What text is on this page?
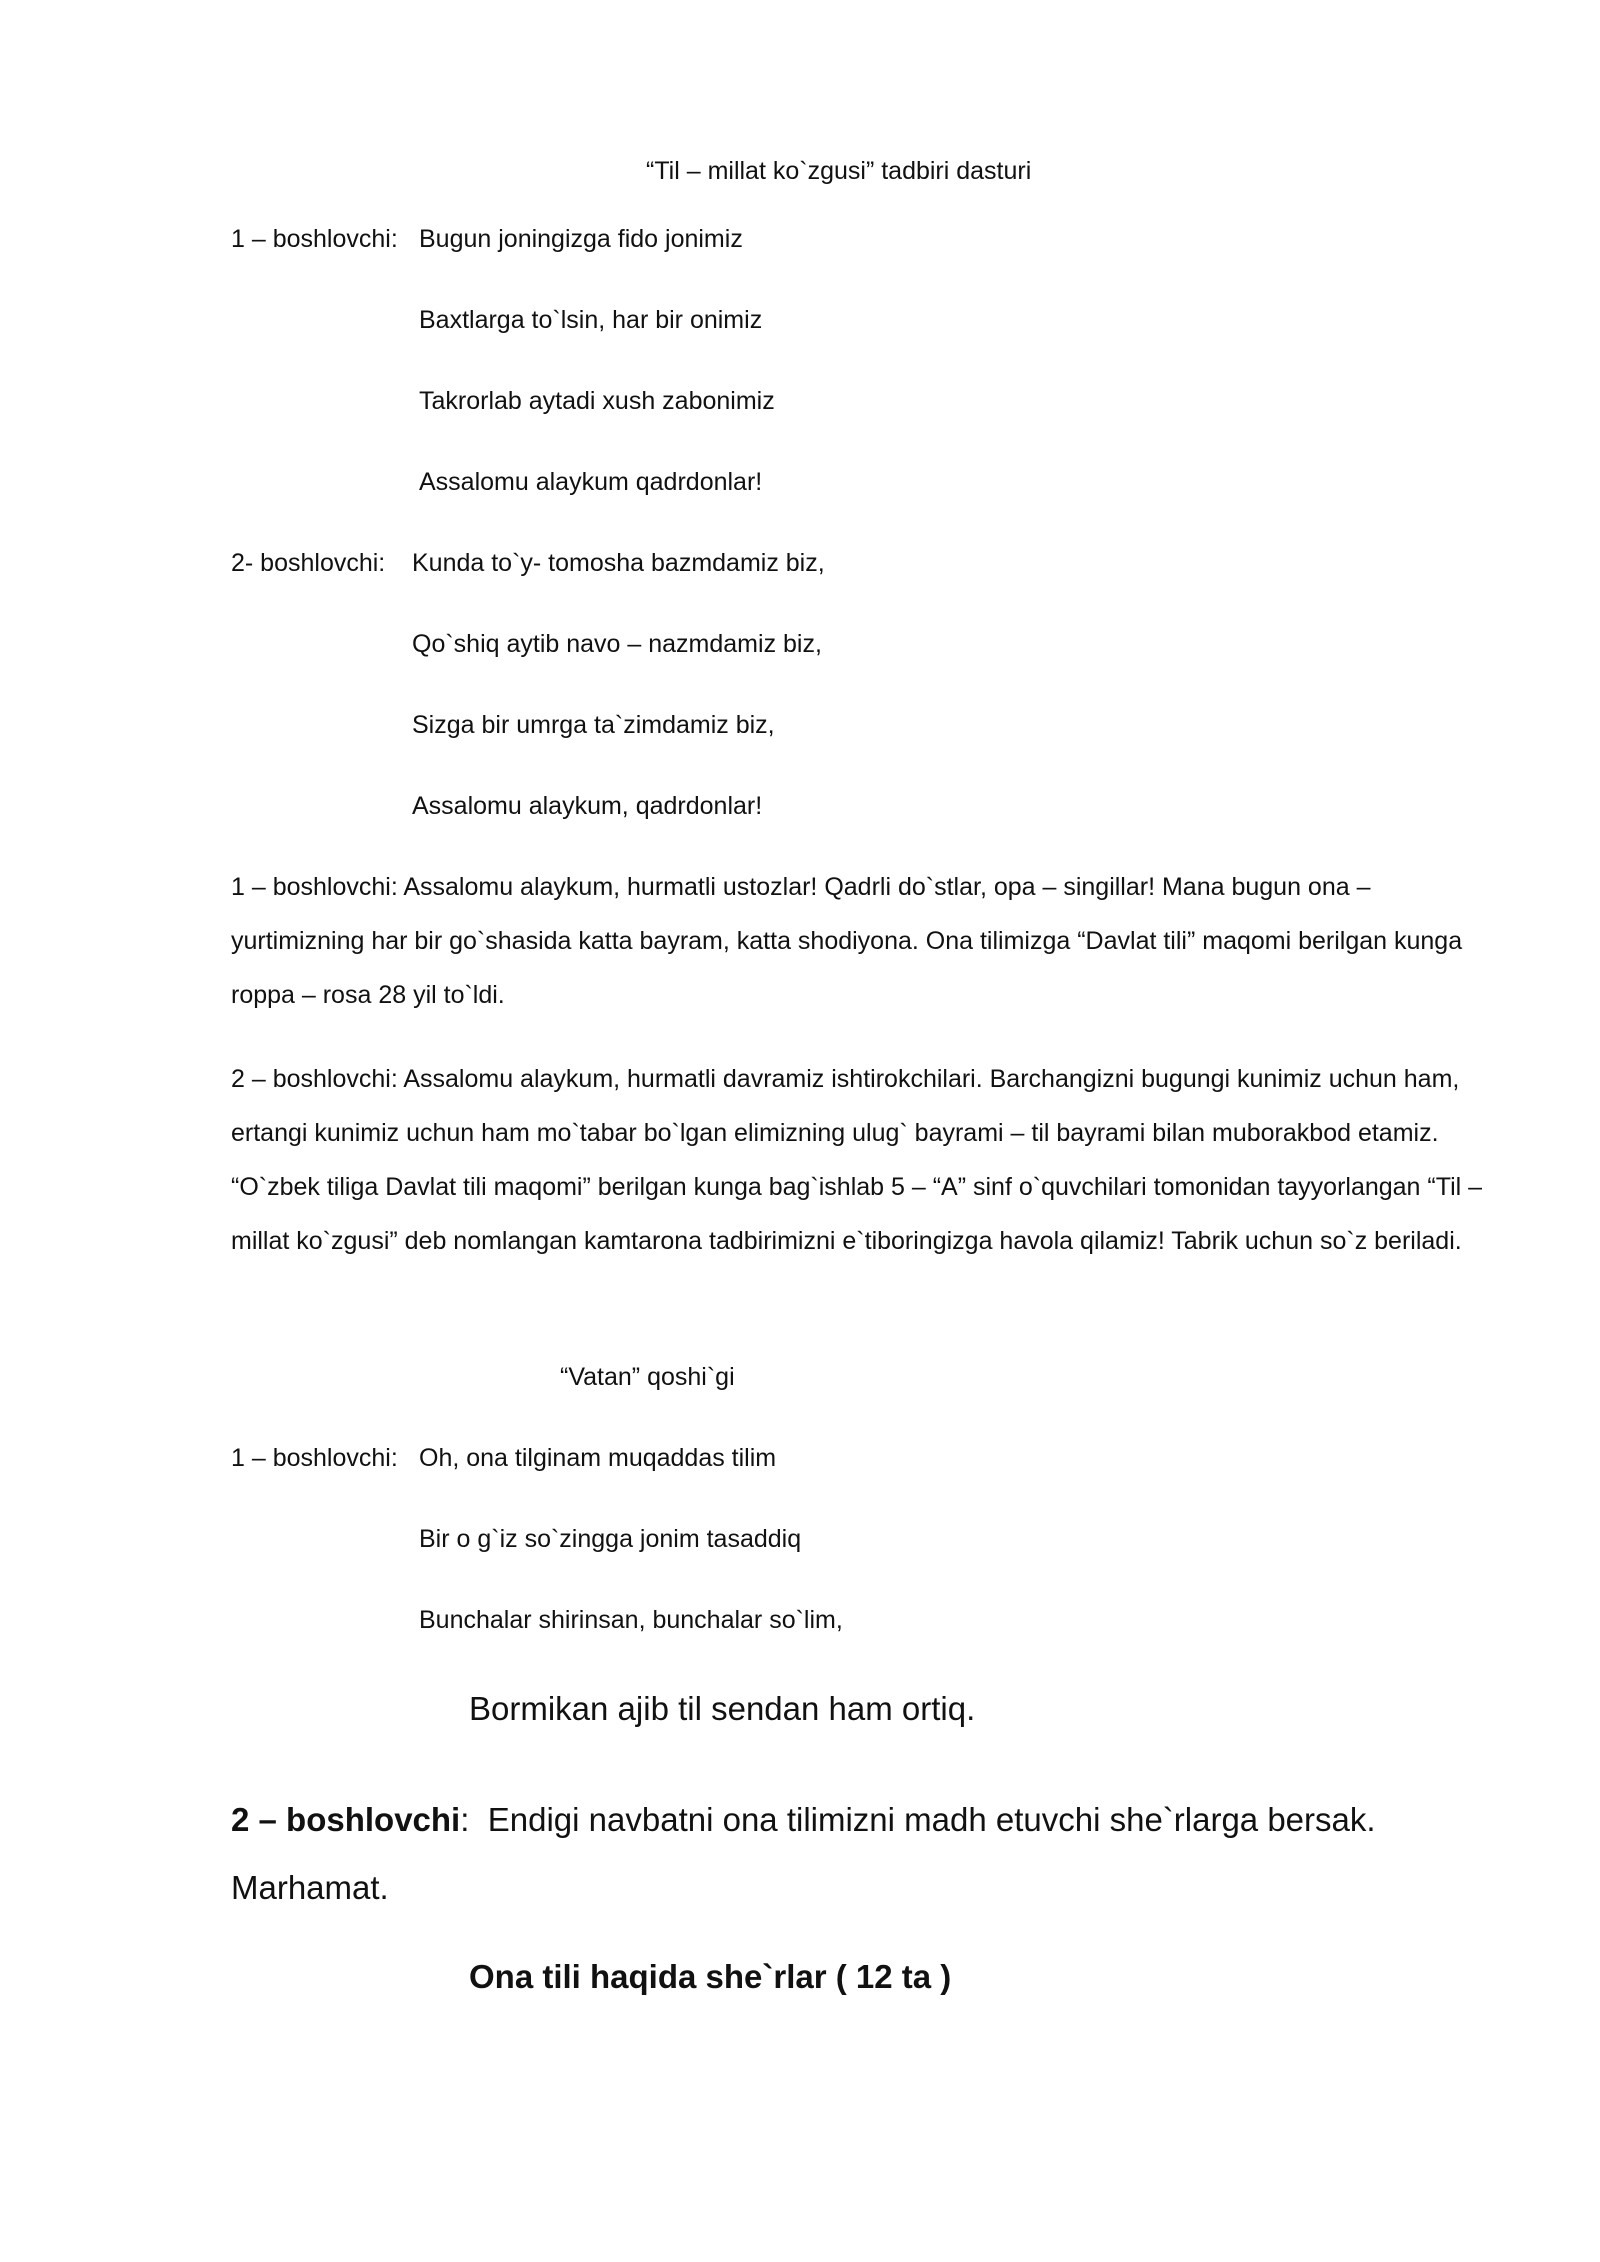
“Til – millat ko`zgusi” tadbiri dasturi
1 – boshlovchi: Bugun joningizga fido jonimiz
Baxtlarga to`lsin, har bir onimiz
Takrorlab aytadi xush zabonimiz
Assalomu alaykum qadrdonlar!
2- boshlovchi: Kunda to`y- tomosha bazmdamiz biz,
Qo`shiq aytib navo – nazmdamiz biz,
Sizga bir umrga ta`zimdamiz biz,
Assalomu alaykum, qadrdonlar!
1 – boshlovchi: Assalomu alaykum, hurmatli ustozlar! Qadrli do`stlar, opa – singillar! Mana bugun ona – yurtimizning har bir go`shasida katta bayram, katta shodiyona. Ona tilimizga “Davlat tili” maqomi berilgan kunga roppa – rosa 28 yil to`ldi.
2 – boshlovchi: Assalomu alaykum, hurmatli davramiz ishtirokchilari. Barchangizni bugungi kunimiz uchun ham, ertangi kunimiz uchun ham mo`tabar bo`lgan elimizning ulug` bayrami – til bayrami bilan muborakbod etamiz. “O`zbek tiliga Davlat tili maqomi” berilgan kunga bag`ishlab 5 – “A” sinf o`quvchilari tomonidan tayyorlangan “Til –millat ko`zgusi” deb nomlangan kamtarona tadbirimizni e`tiboringizga havola qilamiz! Tabrik uchun so`z beriladi.
“Vatan” qoshi`gi
1 – boshlovchi: Oh, ona tilginam muqaddas tilim
Bir o g`iz so`zingga jonim tasaddiq
Bunchalar shirinsan, bunchalar so`lim,
Bormikan ajib til sendan ham ortiq.
2 – boshlovchi: Endigi navbatni ona tilimizni madh etuvchi she`rlarga bersak. Marhamat.
Ona tili haqida she`rlar ( 12 ta )
